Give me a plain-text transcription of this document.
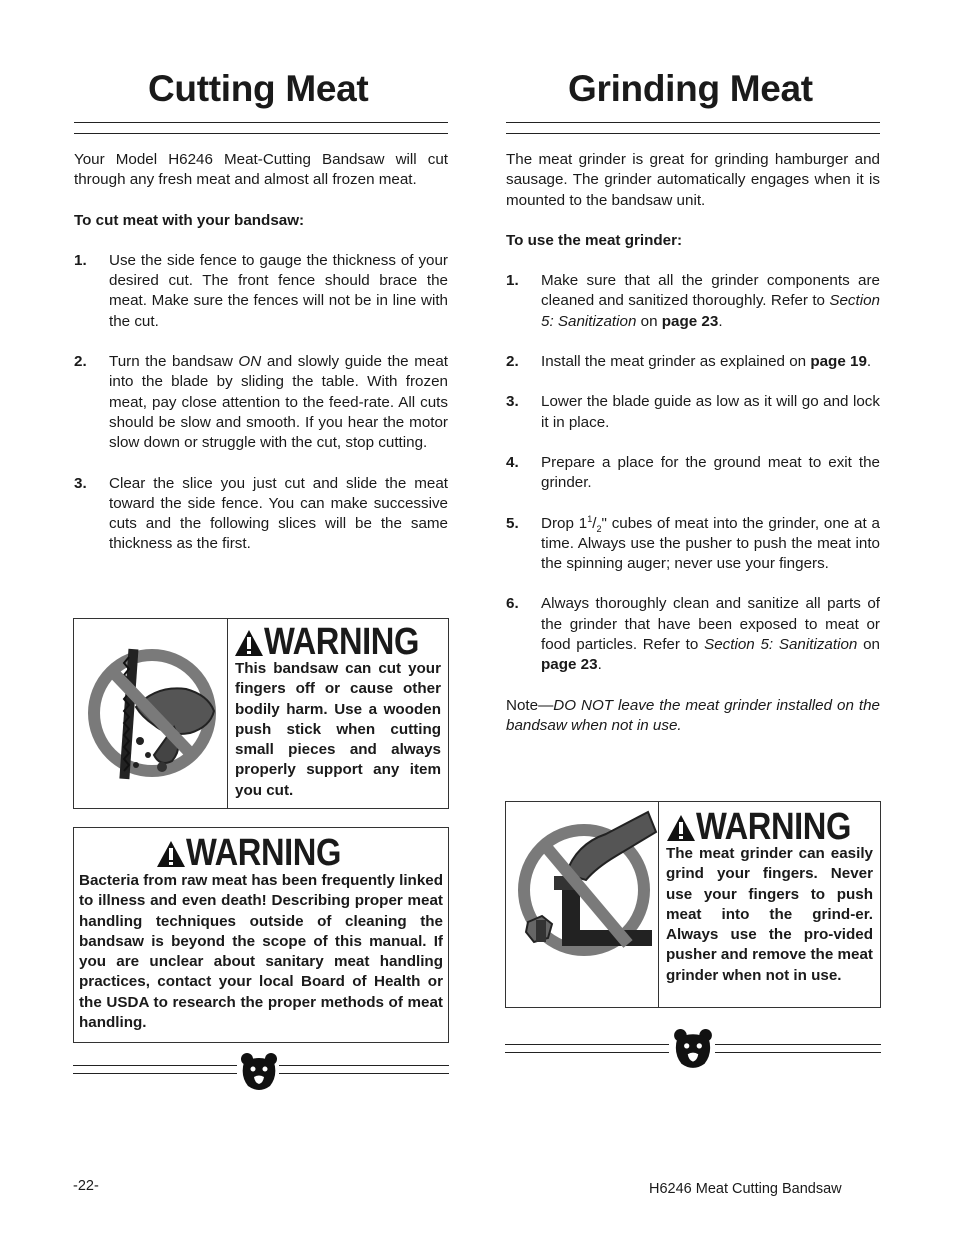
Cutting Meat	Grinding Meat

Your Model H6246 Meat-Cutting Bandsaw will cut through any fresh meat and almost all frozen meat.

To cut meat with your bandsaw:

1.	Use the side fence to gauge the thickness of your desired cut. The front fence should brace the meat. Make sure the fences will not be in line with the cut.
2.	Turn the bandsaw ON and slowly guide the meat into the blade by sliding the table. With frozen meat, pay close attention to the feed-rate. All cuts should be slow and smooth. If you hear the motor slow down or struggle with the cut, stop cutting.
3.	Clear the slice you just cut and slide the meat toward the side fence. You can make successive cuts and the following slices will be the same thickness as the first.
WARNING
This bandsaw can cut your fingers off or cause other bodily harm. Use a wooden push stick when cutting small pieces and always properly support any item you cut.
WARNING
Bacteria from raw meat has been frequently linked to illness and even death! Describing proper meat handling techniques outside of cleaning the bandsaw is beyond the scope of this manual. If you are unclear about sanitary meat handling practices, contact your local Board of Health or the USDA to research the proper methods of meat handling.

The meat grinder is great for grinding hamburger and sausage. The grinder automatically engages when it is mounted to the bandsaw unit.

To use the meat grinder:

1.	Make sure that all the grinder components are cleaned and sanitized thoroughly. Refer to Section 5: Sanitization on page 23.
2.	Install the meat grinder as explained on page 19.
3.	Lower the blade guide as low as it will go and lock it in place.
4.	Prepare a place for the ground meat to exit the grinder.
5.	Drop $1^1/_2$" cubes of meat into the grinder, one at a time. Always use the pusher to push the meat into the spinning auger; never use your fingers.
6.	Always thoroughly clean and sanitize all parts of the grinder that have been exposed to meat or food particles. Refer to Section 5: Sanitization on page 23.

Note—DO NOT leave the meat grinder installed on the bandsaw when not in use.

WARNING
The meat grinder can easily grind your fingers. Never use your fingers to push meat into the grind-er. Always use the pro-vided pusher and remove the meat grinder when not in use.
-22-	H6246 Meat Cutting Bandsaw
